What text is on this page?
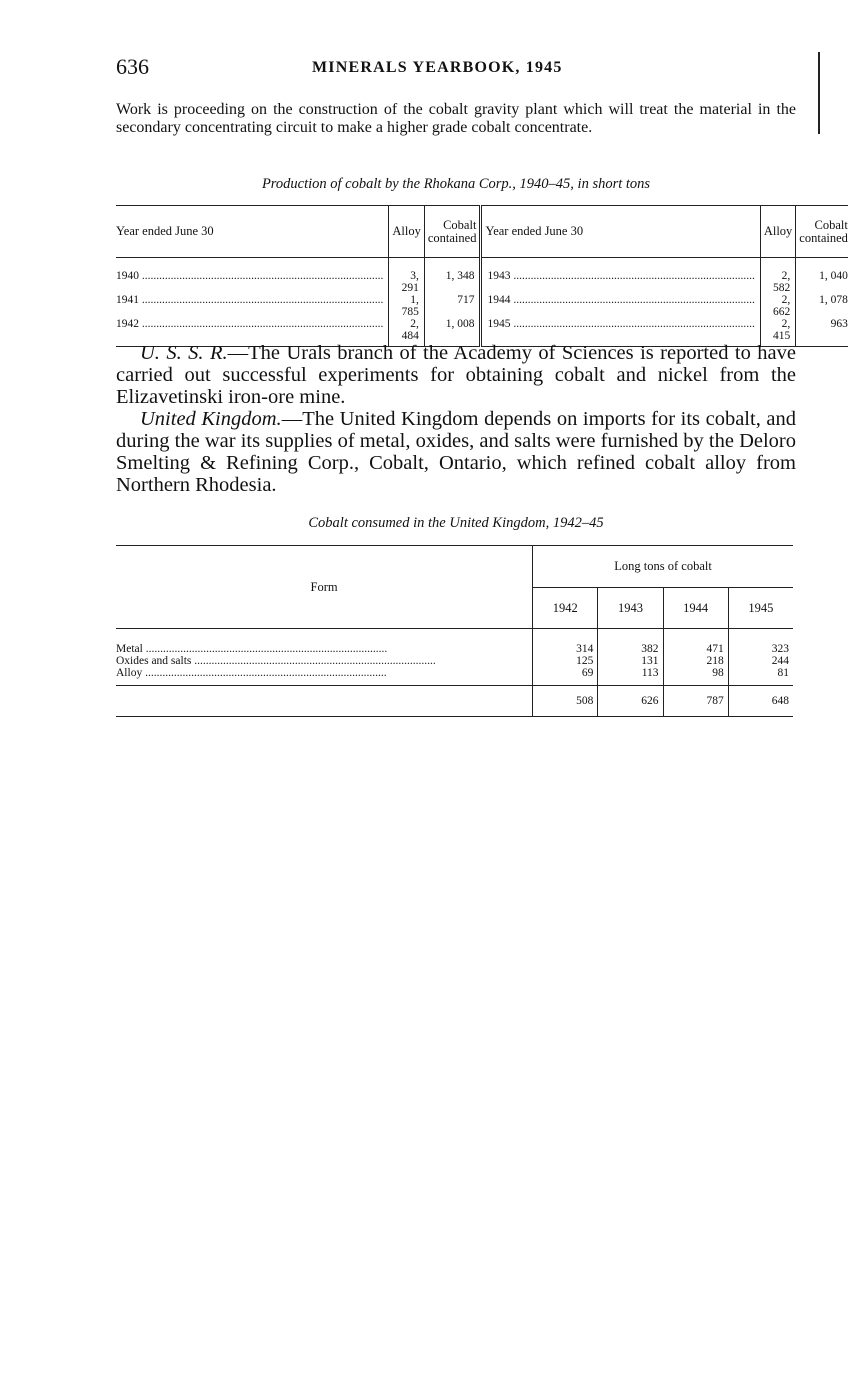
636	MINERALS YEARBOOK, 1945

Work is proceeding on the construction of the cobalt gravity plant which will treat the material in the secondary concentrating circuit to make a higher grade cobalt concentrate.

Production of cobalt by the Rhokana Corp., 1940–45, in short tons
Year ended June 30	Alloy	Cobalt contained	Year ended June 30	Alloy	Cobalt contained
1940 .....	3, 291	1, 348	1943 .....	2, 582	1, 040
1941 .....	1, 785	717	1944 .....	2, 662	1, 078
1942 .....	2, 484	1, 008	1945 .....	2, 415	963

U. S. S. R.—The Urals branch of the Academy of Sciences is reported to have carried out successful experiments for obtaining cobalt and nickel from the Elizavetinski iron-ore mine.

United Kingdom.—The United Kingdom depends on imports for its cobalt, and during the war its supplies of metal, oxides, and salts were furnished by the Deloro Smelting & Refining Corp., Cobalt, Ontario, which refined cobalt alloy from Northern Rhodesia.

Cobalt consumed in the United Kingdom, 1942–45
Form	Long tons of cobalt			
	1942	1943	1944	1945
Metal .....	314	382	471	323
Oxides and salts .....	125	131	218	244
Alloy .....	69	113	98	81
	508	626	787	648
